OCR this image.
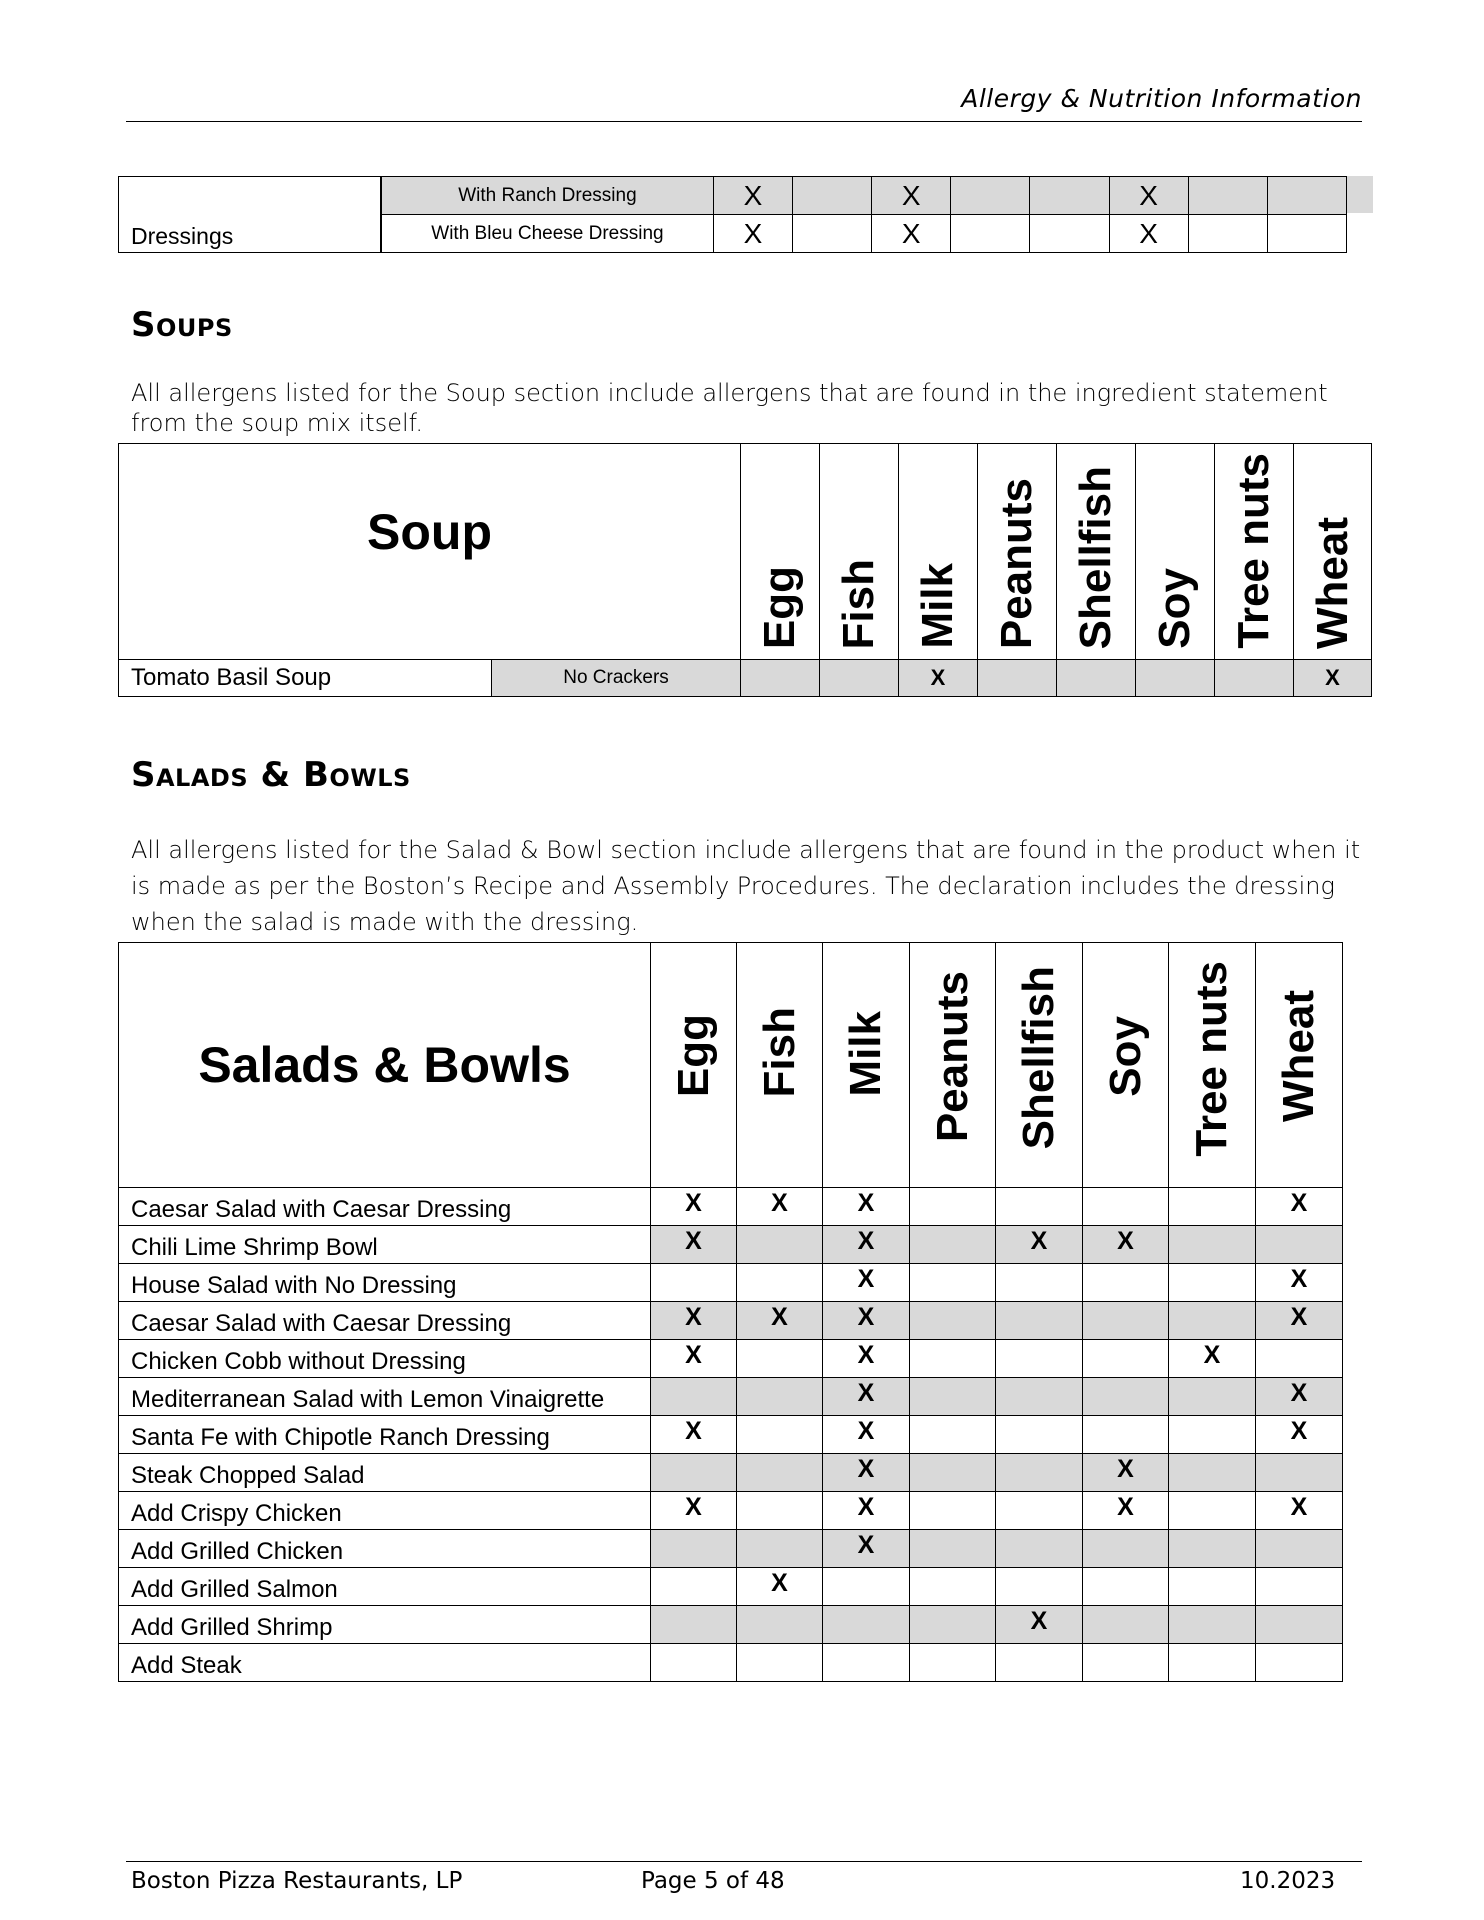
Allergy & Nutrition Information
Dressings	With Ranch Dressing	X		X			X		
	With Bleu Cheese Dressing	X		X			X		
Soups

All allergens listed for the Soup section include allergens that are found in the ingredient statement from the soup mix itself.

Soup		Egg	Fish	Milk	Peanuts	Shellfish	Soy	Tree nuts	Wheat

Tomato Basil Soup	No Crackers			X					X
Salads & Bowls

All allergens listed for the Salad & Bowl section include allergens that are found in the product when it is made as per the Boston’s Recipe and Assembly Procedures. The declaration includes the dressing when the salad is made with the dressing.

Salads & Bowls	Egg	Fish	Milk	Peanuts	Shellfish	Soy	Tree nuts	Wheat

Caesar Salad with Caesar Dressing	X	X	X					X
Chili Lime Shrimp Bowl	X		X		X	X		
House Salad with No Dressing			X					X
Caesar Salad with Caesar Dressing	X	X	X					X
Chicken Cobb without Dressing	X		X				X	
Mediterranean Salad with Lemon Vinaigrette			X					X
Santa Fe with Chipotle Ranch Dressing	X		X					X
Steak Chopped Salad			X			X		
Add Crispy Chicken	X		X			X		X
Add Grilled Chicken			X					
Add Grilled Salmon		X						
Add Grilled Shrimp					X			
Add Steak								
Boston Pizza Restaurants, LP	Page 5 of 48	10.2023
